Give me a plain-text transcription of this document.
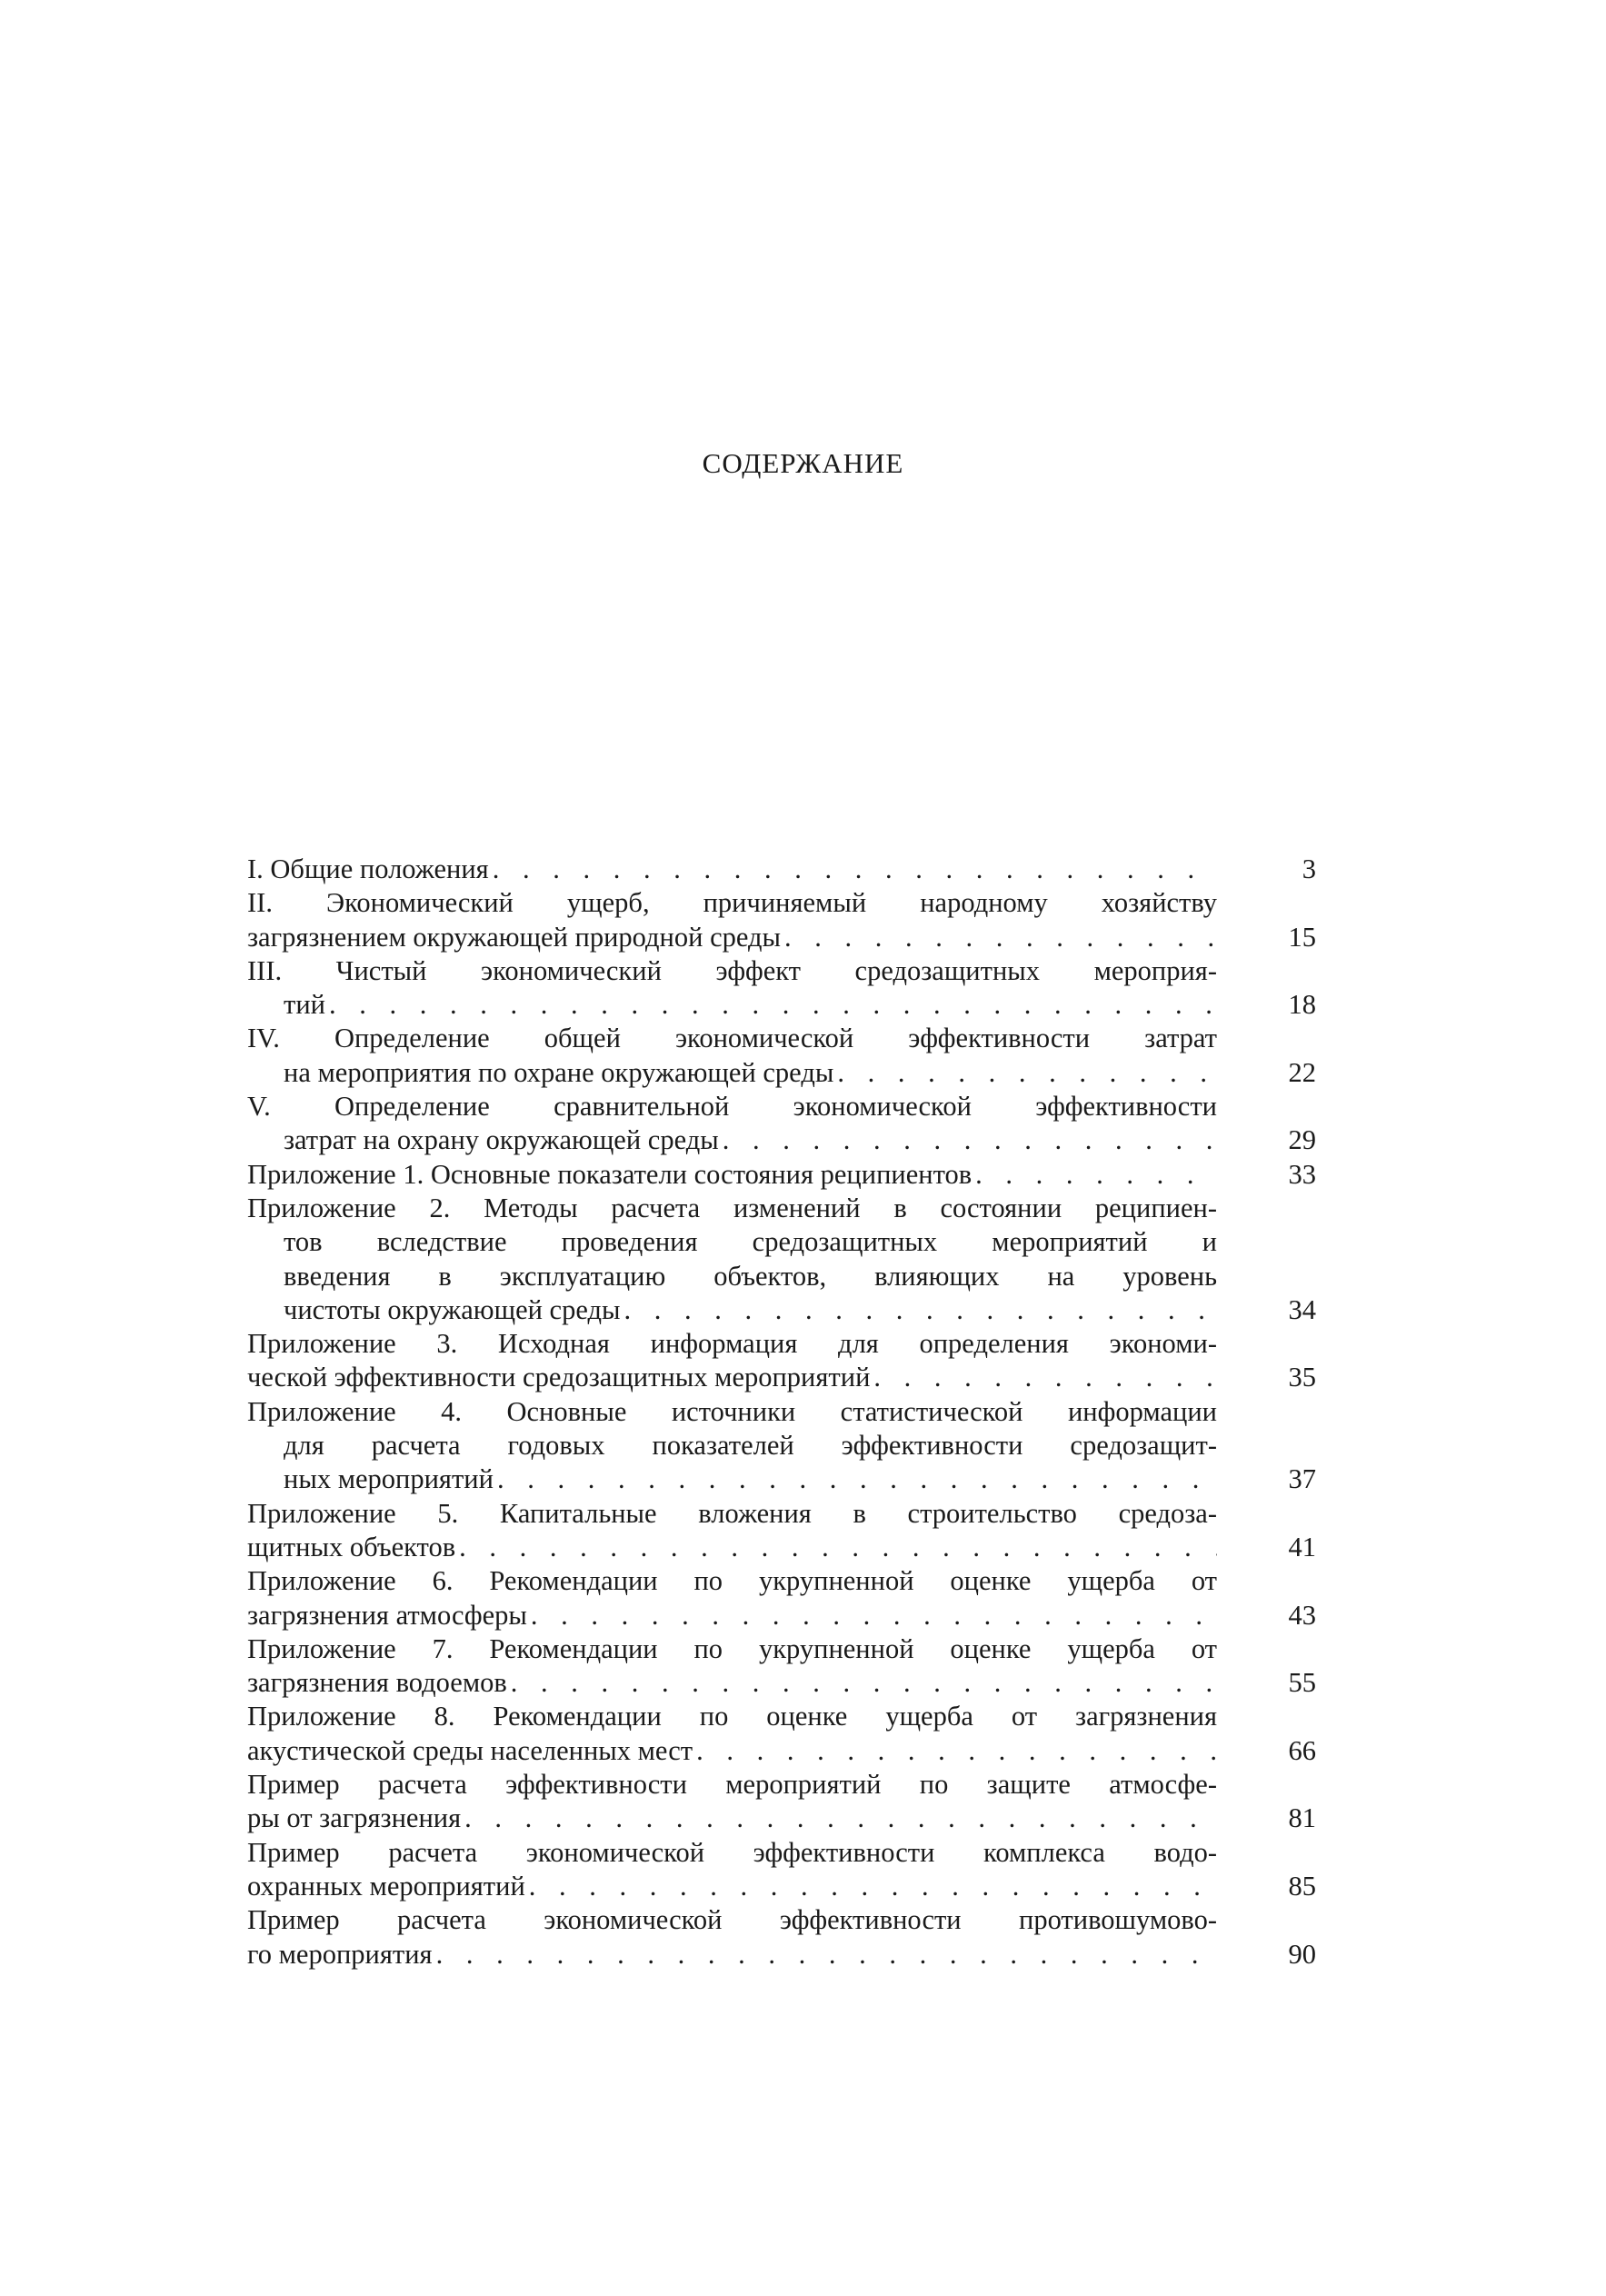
СОДЕРЖАНИЕ
I. Общие положения . . .	3
II. Экономический ущерб, причиняемый народному хозяйству
загрязнением окружающей природной среды . . .	15
III. Чистый экономический эффект средозащитных мероприя-
тий . . .	18
IV. Определение общей экономической эффективности затрат
на мероприятия по охране окружающей среды . . .	22
V. Определение сравнительной экономической эффективности
затрат на охрану окружающей среды . . .	29
Приложение 1. Основные показатели состояния реципиентов . . .	33
Приложение 2. Методы расчета изменений в состоянии реципиен-
тов вследствие проведения средозащитных мероприятий и
введения в эксплуатацию объектов, влияющих на уровень
чистоты окружающей среды . . .	34
Приложение 3. Исходная информация для определения экономи-
ческой эффективности средозащитных мероприятий . . .	35
Приложение 4. Основные источники статистической информации
для расчета годовых показателей эффективности средозащит-
ных мероприятий . . .	37
Приложение 5. Капитальные вложения в строительство средоза-
щитных объектов . . .	41
Приложение 6. Рекомендации по укрупненной оценке ущерба от
загрязнения атмосферы . . .	43
Приложение 7. Рекомендации по укрупненной оценке ущерба от
загрязнения водоемов . . .	55
Приложение 8. Рекомендации по оценке ущерба от загрязнения
акустической среды населенных мест . . .	66
Пример расчета эффективности мероприятий по защите атмосфе-
ры от загрязнения . . .	81
Пример расчета экономической эффективности комплекса водо-
охранных мероприятий . . .	85
Пример расчета экономической эффективности противошумово-
го мероприятия . . .	90
